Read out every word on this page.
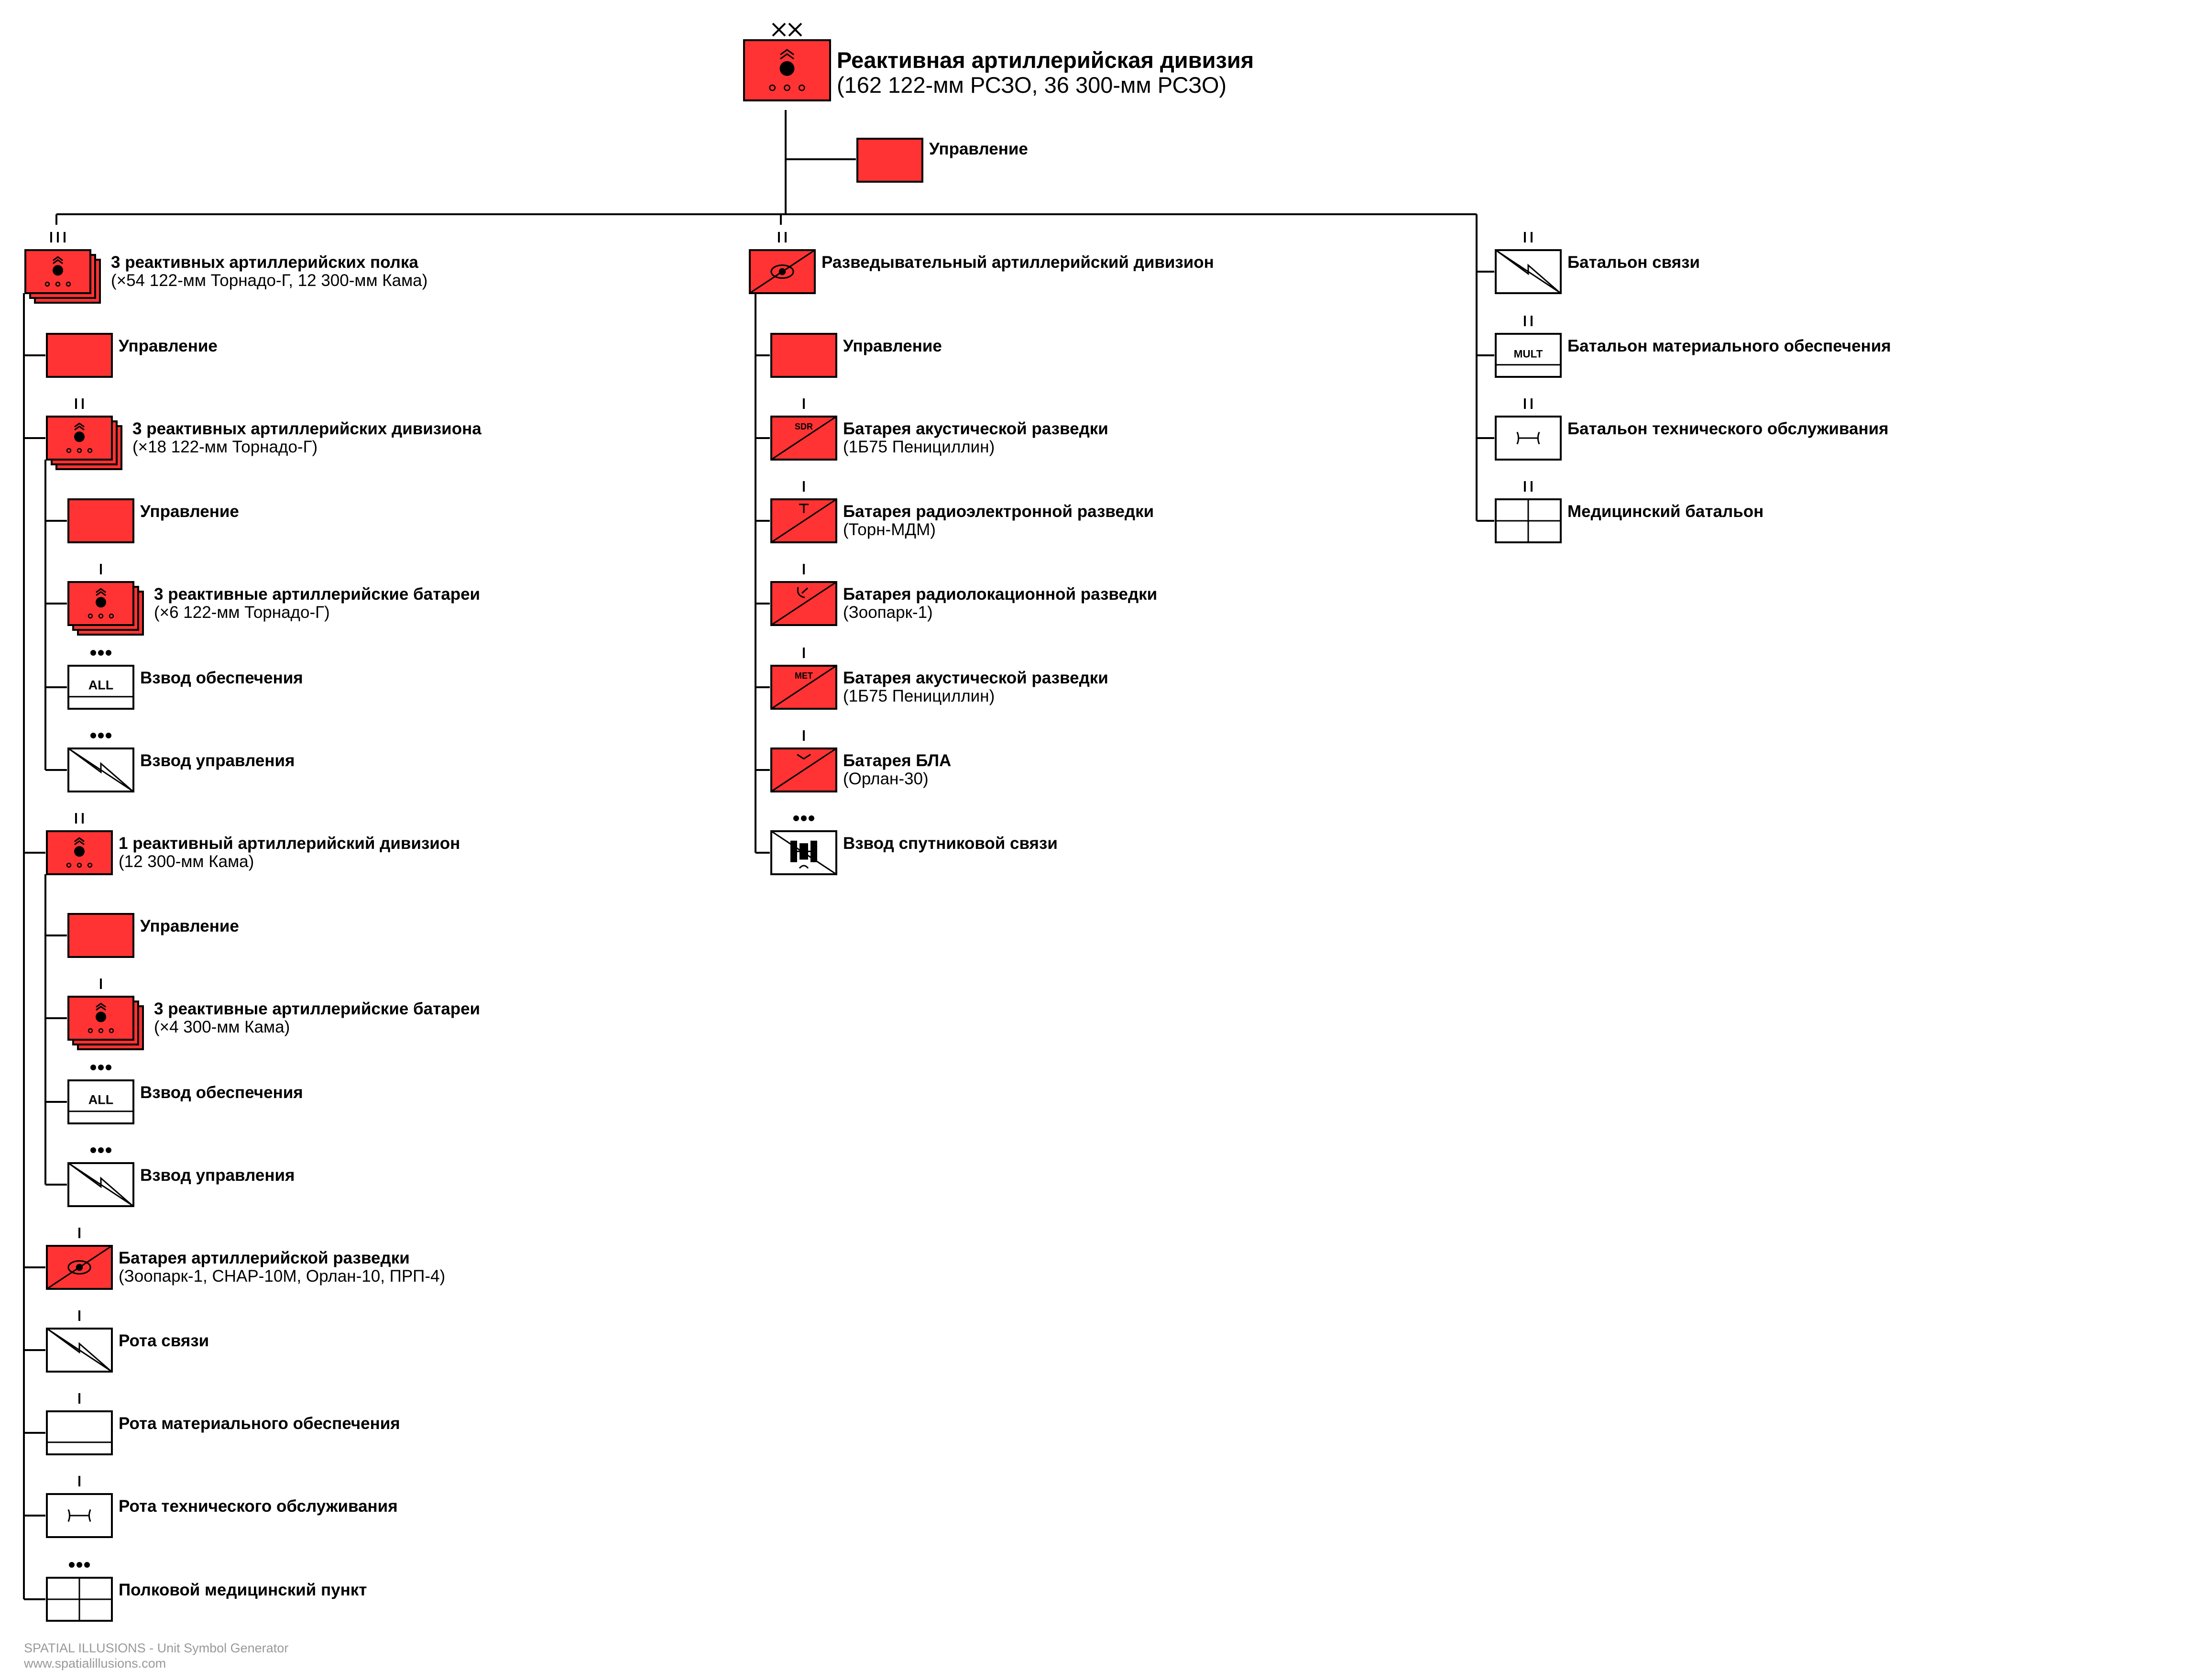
Реактивная артиллерийская дивизия
(162 122-мм РСЗО, 36 300-мм РСЗО)
Управление
3 реактивных артиллерийских полка
(×54 122-мм Торнадо-Г, 12 300-мм Кама)
Управление
3 реактивных артиллерийских дивизиона
(×18 122-мм Торнадо-Г)
Управление
3 реактивные артиллерийские батареи
(×6 122-мм Торнадо-Г)
ALL Взвод обеспечения
Взвод управления
1 реактивный артиллерийский дивизион
(12 300-мм Кама)
Управление
3 реактивные артиллерийские батареи
(×4 300-мм Кама)
ALL Взвод обеспечения
Взвод управления
Батарея артиллерийской разведки
(Зоопарк-1, СНАР-10М, Орлан-10, ПРП-4)
Рота связи
Рота материального обеспечения
Рота технического обслуживания
Полковой медицинский пункт
Разведывательный артиллерийский дивизион
Управление
SDR Батарея акустической разведки
(1Б75 Пенициллин)
Батарея радиоэлектронной разведки
(Торн-МДМ)
Батарея радиолокационной разведки
(Зоопарк-1)
MET Батарея акустической разведки
(1Б75 Пенициллин)
Батарея БЛА
(Орлан-30)
Взвод спутниковой связи
Батальон связи
MULT Батальон материального обеспечения
Батальон технического обслуживания
Медицинский батальон
SPATIAL ILLUSIONS - Unit Symbol Generator
www.spatialillusions.com
